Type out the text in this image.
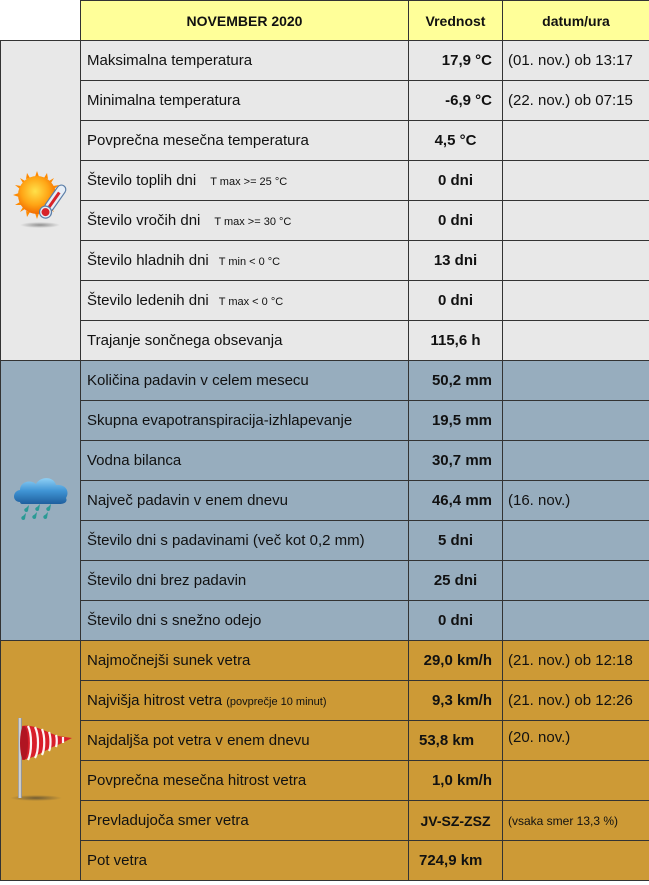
	NOVEMBER 2020	Vrednost	datum/ura
	Maksimalna temperatura	17,9 °C	(01. nov.) ob 13:17
	Minimalna temperatura	-6,9 °C	(22. nov.) ob 07:15
	Povprečna mesečna temperatura	4,5 °C	
	Število toplih dni T max >= 25 °C	0 dni	
	Število vročih dni T max >= 30 °C	0 dni	
	Število hladnih dni T min < 0 °C	13 dni	
	Število ledenih dni T max < 0 °C	0 dni	
	Trajanje sončnega obsevanja	115,6 h	
	Količina padavin v celem mesecu	50,2 mm	
	Skupna evapotranspiracija-izhlapevanje	19,5 mm	
	Vodna bilanca	30,7 mm	
	Največ padavin v enem dnevu	46,4 mm	(16. nov.)
	Število dni s padavinami (več kot 0,2 mm)	5 dni	
	Število dni brez padavin	25 dni	
	Število dni s snežno odejo	0 dni	
	Najmočnejši sunek vetra	29,0 km/h	(21. nov.) ob 12:18
	Najvišja hitrost vetra (povprečje 10 minut)	9,3 km/h	(21. nov.) ob 12:26
	Najdaljša pot vetra v enem dnevu	53,8 km	(20. nov.)
	Povprečna mesečna hitrost vetra	1,0 km/h	
	Prevladujoča smer vetra	JV-SZ-ZSZ	(vsaka smer 13,3 %)
	Pot vetra	724,9 km	
